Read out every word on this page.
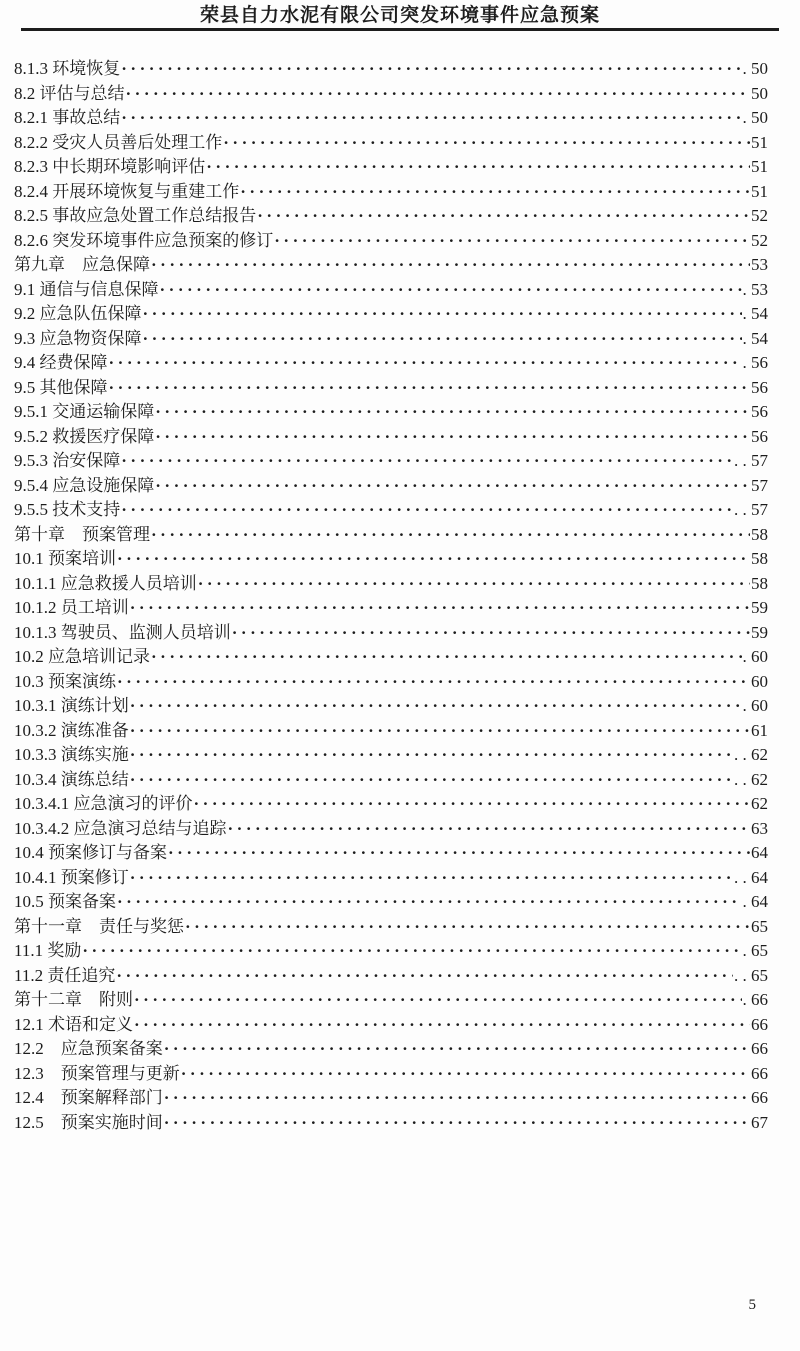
荣县自力水泥有限公司突发环境事件应急预案
8.1.3 环境恢复 ·····	. 50
8.2 评估与总结 ·····	50
8.2.1 事故总结 ·····	. 50
8.2.2 受灾人员善后处理工作 ·····	51
8.2.3 中长期环境影响评估 ·····	51
8.2.4 开展环境恢复与重建工作 ·····	51
8.2.5 事故应急处置工作总结报告 ·····	52
8.2.6 突发环境事件应急预案的修订 ·····	52
第九章　应急保障 ·····	53
9.1 通信与信息保障 ·····	. 53
9.2 应急队伍保障 ·····	. 54
9.3 应急物资保障 ·····	. 54
9.4 经费保障 ·····	. 56
9.5 其他保障 ·····	56
9.5.1 交通运输保障 ·····	56
9.5.2 救援医疗保障 ·····	56
9.5.3 治安保障 ·····	. . 57
9.5.4 应急设施保障 ·····	57
9.5.5 技术支持 ·····	. . 57
第十章　预案管理 ·····	58
10.1 预案培训 ·····	58
10.1.1 应急救援人员培训 ·····	58
10.1.2 员工培训 ·····	59
10.1.3 驾驶员、监测人员培训 ·····	59
10.2 应急培训记录 ·····	. 60
10.3 预案演练 ·····	60
10.3.1 演练计划 ·····	. 60
10.3.2 演练准备 ·····	61
10.3.3 演练实施 ·····	. . 62
10.3.4 演练总结 ·····	. . 62
10.3.4.1 应急演习的评价 ·····	62
10.3.4.2 应急演习总结与追踪 ·····	63
10.4 预案修订与备案 ·····	64
10.4.1 预案修订 ·····	. . 64
10.5 预案备案 ·····	. 64
第十一章　责任与奖惩 ·····	65
11.1 奖励 ·····	. 65
11.2 责任追究 ·····	. . 65
第十二章　附则 ·····	. 66
12.1 术语和定义 ·····	66
12.2　应急预案备案 ·····	66
12.3　预案管理与更新 ·····	66
12.4　预案解释部门 ·····	66
12.5　预案实施时间 ·····	67
5
